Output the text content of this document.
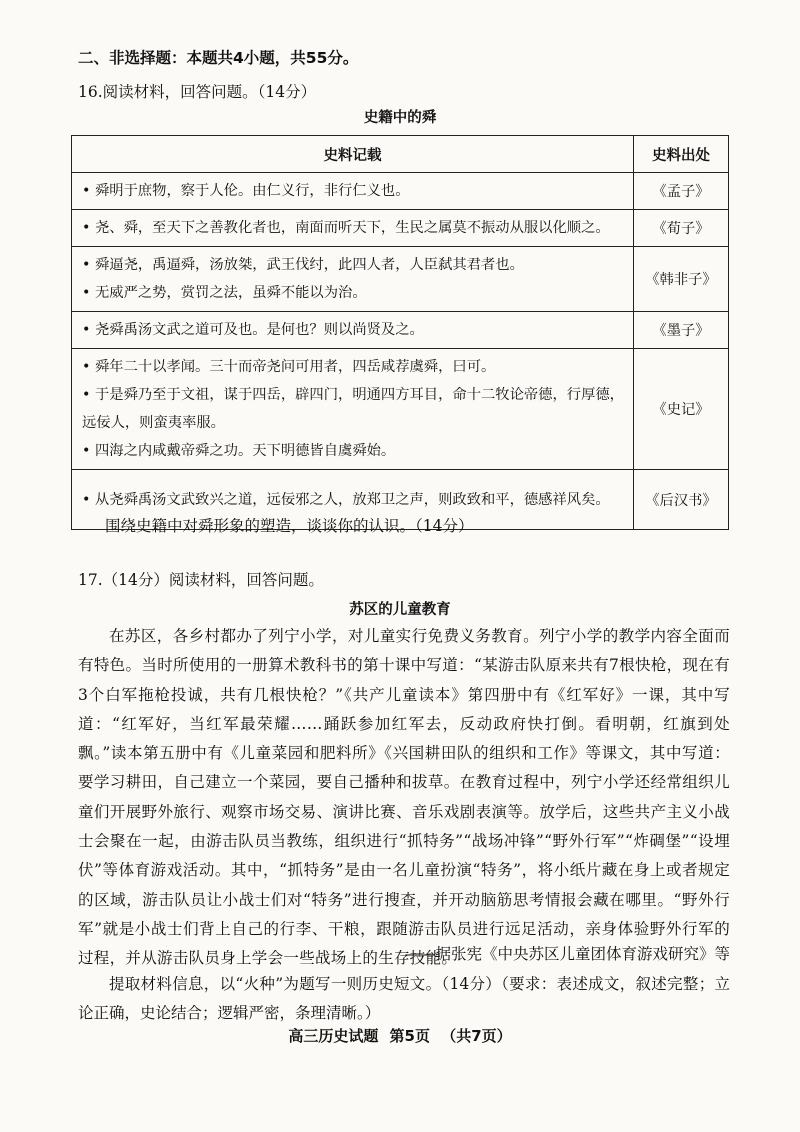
二、非选择题：本题共4小题，共55分。
16.阅读材料，回答问题。（14分）
史籍中的舜
史料记载	史料出处

• 舜明于庶物，察于人伦。由仁义行，非行仁义也。	《孟子》

• 尧、舜，至天下之善教化者也，南面而听天下，生民之属莫不振动从服以化顺之。	《荀子》

• 舜逼尧，禹逼舜，汤放桀，武王伐纣，此四人者，人臣弑其君者也。
• 无威严之势，赏罚之法，虽舜不能以为治。	《韩非子》

• 尧舜禹汤文武之道可及也。是何也？则以尚贤及之。	《墨子》

• 舜年二十以孝闻。三十而帝尧问可用者，四岳咸荐虞舜，曰可。
• 于是舜乃至于文祖，谋于四岳，辟四门，明通四方耳目，命十二牧论帝德，行厚德，远佞人，则蛮夷率服。
• 四海之内咸戴帝舜之功。天下明德皆自虞舜始。	《史记》

• 从尧舜禹汤文武致兴之道，远佞邪之人，放郑卫之声，则政致和平，德感祥风矣。	《后汉书》
围绕史籍中对舜形象的塑造，谈谈你的认识。（14分）
17.（14分）阅读材料，回答问题。
苏区的儿童教育
在苏区，各乡村都办了列宁小学，对儿童实行免费义务教育。列宁小学的教学内容全面而有特色。当时所使用的一册算术教科书的第十课中写道：“某游击队原来共有7根快枪，现在有3个白军拖枪投诚，共有几根快枪？”《共产儿童读本》第四册中有《红军好》一课，其中写道：“红军好，当红军最荣耀……踊跃参加红军去，反动政府快打倒。看明朝，红旗到处飘。”读本第五册中有《儿童菜园和肥料所》《兴国耕田队的组织和工作》等课文，其中写道：要学习耕田，自己建立一个菜园，要自己播种和拔草。在教育过程中，列宁小学还经常组织儿童们开展野外旅行、观察市场交易、演讲比赛、音乐戏剧表演等。放学后，这些共产主义小战士会聚在一起，由游击队员当教练，组织进行“抓特务”“战场冲锋”“野外行军”“炸碉堡”“设埋伏”等体育游戏活动。其中，“抓特务”是由一名儿童扮演“特务”，将小纸片藏在身上或者规定的区域，游击队员让小战士们对“特务”进行搜查，并开动脑筋思考情报会藏在哪里。“野外行军”就是小战士们背上自己的行李、干粮，跟随游击队员进行远足活动，亲身体验野外行军的过程，并从游击队员身上学会一些战场上的生存技能。
——据张宪《中央苏区儿童团体育游戏研究》等
提取材料信息，以“火种”为题写一则历史短文。（14分）（要求：表述成文，叙述完整；立论正确，史论结合；逻辑严密，条理清晰。）
高三历史试题 第5页 （共7页）
